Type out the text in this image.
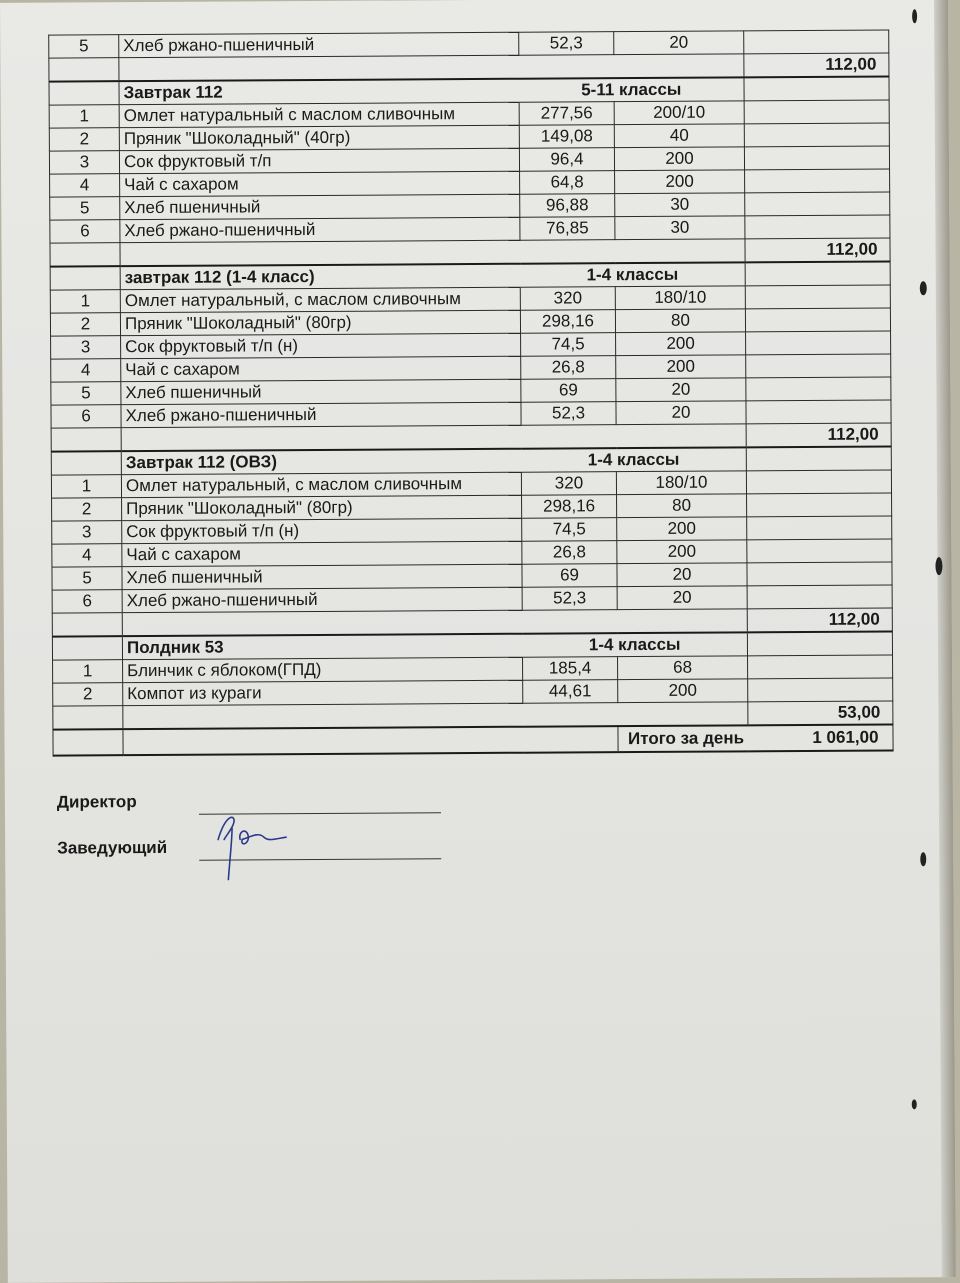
5	Хлеб ржано-пшеничный	52,3	20	
				112,00
	Завтрак 112	5-11 классы		
1	Омлет натуральный с маслом сливочным	277,56	200/10	
2	Пряник "Шоколадный" (40гр)	149,08	40	
3	Сок фруктовый т/п	96,4	200	
4	Чай с сахаром	64,8	200	
5	Хлеб пшеничный	96,88	30	
6	Хлеб ржано-пшеничный	76,85	30	
				112,00
	завтрак 112 (1-4 класс)	1-4 классы		
1	Омлет натуральный, с маслом сливочным	320	180/10	
2	Пряник "Шоколадный" (80гр)	298,16	80	
3	Сок фруктовый т/п (н)	74,5	200	
4	Чай с сахаром	26,8	200	
5	Хлеб пшеничный	69	20	
6	Хлеб ржано-пшеничный	52,3	20	
				112,00
	Завтрак 112 (ОВЗ)	1-4 классы		
1	Омлет натуральный, с маслом сливочным	320	180/10	
2	Пряник "Шоколадный" (80гр)	298,16	80	
3	Сок фруктовый т/п (н)	74,5	200	
4	Чай с сахаром	26,8	200	
5	Хлеб пшеничный	69	20	
6	Хлеб ржано-пшеничный	52,3	20	
				112,00
	Полдник 53	1-4 классы		
1	Блинчик с яблоком(ГПД)	185,4	68	
2	Компот из кураги	44,61	200	
				53,00
			Итого за день	1 061,00
Директор
Заведующий
